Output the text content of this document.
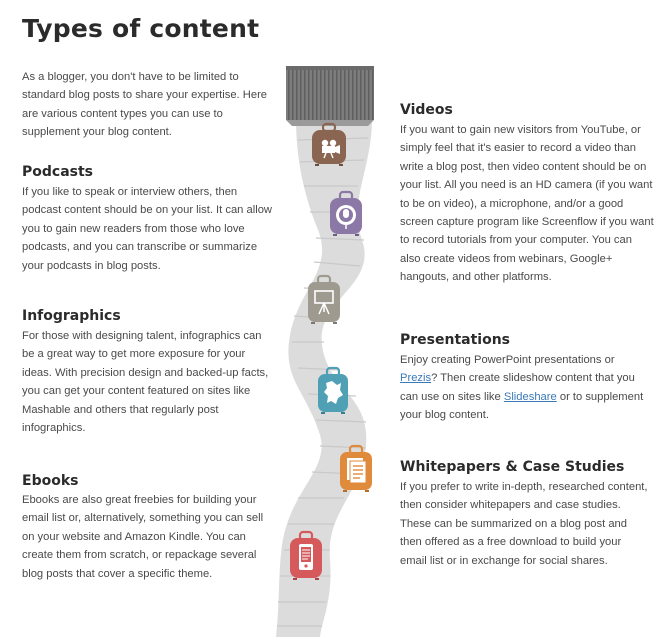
Types of content

As a blogger, you don't have to be limited to standard blog posts to share your expertise. Here are various content types you can use to supplement your blog content.

Podcasts

If you like to speak or interview others, then podcast content should be on your list. It can allow you to gain new readers from those who love podcasts, and you can transcribe or summarize your podcasts in blog posts.

Infographics

For those with designing talent, infographics can be a great way to get more exposure for your ideas. With precision design and backed-up facts, you can get your content featured on sites like Mashable and others that regularly post infographics.

Ebooks

Ebooks are also great freebies for building your email list or, alternatively, something you can sell on your website and Amazon Kindle. You can create them from scratch, or repackage several blog posts that cover a specific theme.

Videos

If you want to gain new visitors from YouTube, or simply feel that it's easier to record a video than write a blog post, then video content should be on your list. All you need is an HD camera (if you want to be on video), a microphone, and/or a good screen capture program like Screenflow if you want to record tutorials from your computer. You can also create videos from webinars, Google+ hangouts, and other platforms.

Presentations

Enjoy creating PowerPoint presentations or Prezis? Then create slideshow content that you can use on sites like Slideshare or to supplement your blog content.

Whitepapers & Case Studies

If you prefer to write in-depth, researched content, then consider whitepapers and case studies. These can be summarized on a blog post and then offered as a free download to build your email list or in exchange for social shares.
